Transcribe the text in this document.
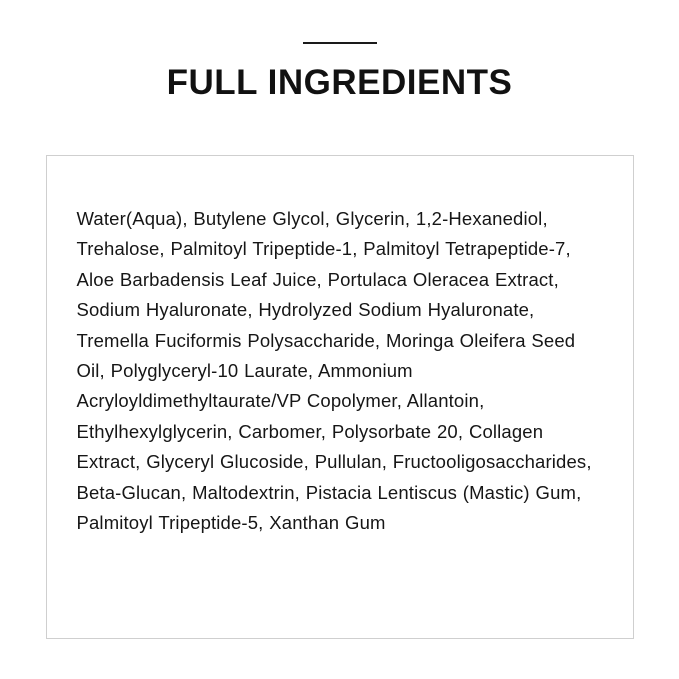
FULL INGREDIENTS

Water(Aqua), Butylene Glycol, Glycerin, 1,2-Hexanediol, Trehalose, Palmitoyl Tripeptide-1, Palmitoyl Tetrapeptide-7, Aloe Barbadensis Leaf Juice, Portulaca Oleracea Extract, Sodium Hyaluronate, Hydrolyzed Sodium Hyaluronate, Tremella Fuciformis Polysaccharide, Moringa Oleifera Seed Oil, Polyglyceryl-10 Laurate, Ammonium Acryloyldimethyltaurate/VP Copolymer, Allantoin, Ethylhexylglycerin, Carbomer, Polysorbate 20, Collagen Extract, Glyceryl Glucoside, Pullulan, Fructooligosaccharides, Beta-Glucan, Maltodextrin, Pistacia Lentiscus (Mastic) Gum, Palmitoyl Tripeptide-5, Xanthan Gum
